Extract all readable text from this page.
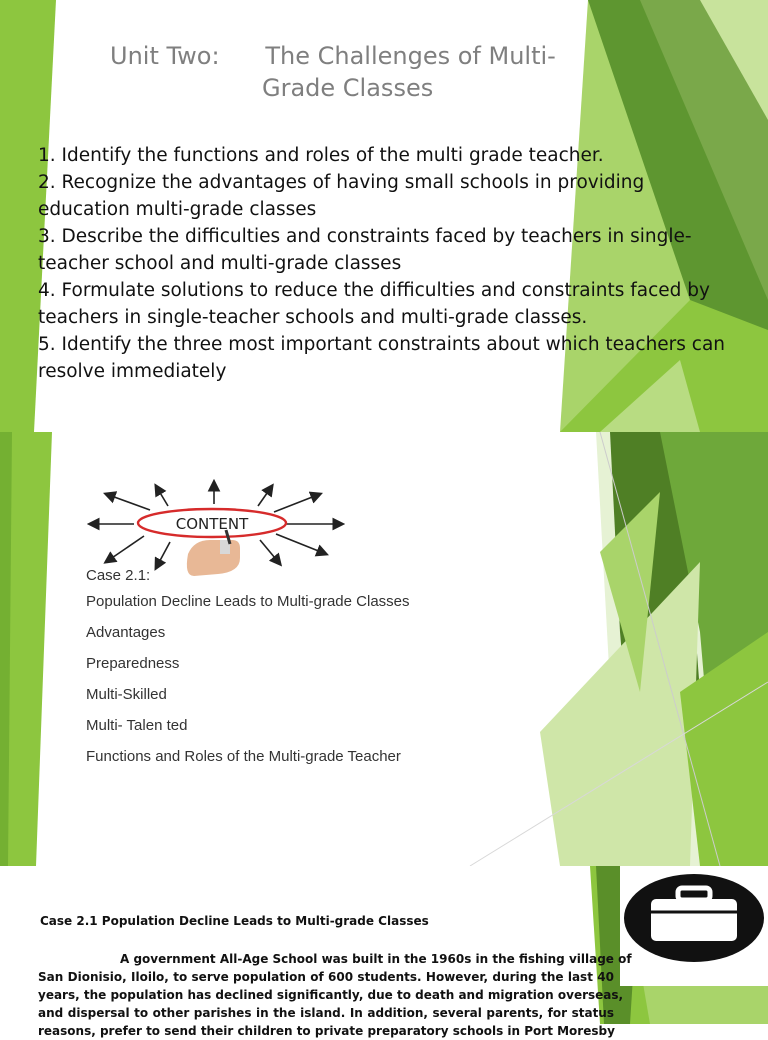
Unit Two:      The Challenges of Multi-
Grade Classes
1. Identify the functions and roles of the multi grade teacher.
2. Recognize the advantages of having small schools in providing education multi-grade classes
3. Describe the difficulties and constraints faced by teachers in single-teacher school and multi-grade classes
4. Formulate solutions to reduce the difficulties and constraints faced by teachers in single-teacher schools and multi-grade classes.
5. Identify the three most important constraints about which teachers can resolve immediately
CONTENT
Case 2.1:
Population Decline Leads to Multi-grade Classes
Advantages
Preparedness
Multi-Skilled
Multi- Talen ted
Functions and Roles of the Multi-grade Teacher
Case 2.1 Population Decline Leads to Multi-grade Classes
A government All-Age School was built in the 1960s in the fishing village of
San Dionisio, Iloilo, to serve population of 600 students. However, during the last 40
years, the population has declined significantly, due to death and migration overseas,
and dispersal to other parishes in the island. In addition, several parents, for status
reasons, prefer to send their children to private preparatory schools in Port Moresby
